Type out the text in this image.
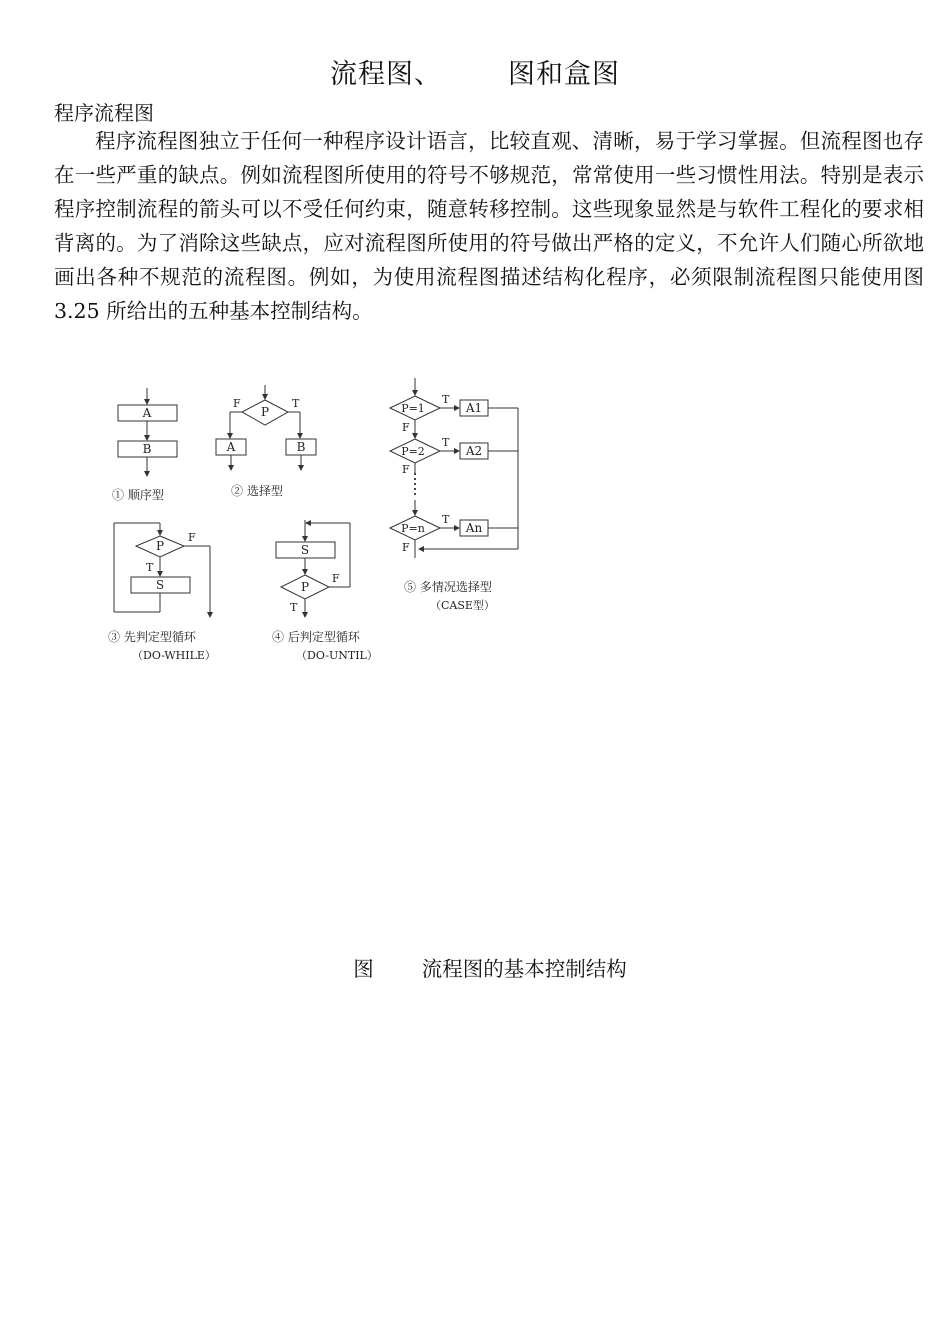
流程图、 图和盒图
程序流程图
程序流程图独立于任何一种程序设计语言，比较直观、清晰，易于学习掌握。但流程图也存在一些严重的缺点。例如流程图所使用的符号不够规范，常常使用一些习惯性用法。特别是表示程序控制流程的箭头可以不受任何约束，随意转移控制。这些现象显然是与软件工程化的要求相背离的。为了消除这些缺点，应对流程图所使用的符号做出严格的定义，不允许人们随心所欲地画出各种不规范的流程图。例如，为使用流程图描述结构化程序，必须限制流程图只能使用图 3.25 所给出的五种基本控制结构。
A
B
P
A	B
P
S
S
P
P=1
P=2
P=n
A1
A2
An
F	T
F
T
F
T
T
T
T
F
F
F
① 顺序型	② 选择型
③ 先判定型循环	④ 后判定型循环
⑤ 多情况选择型
（DO-WHILE）	（DO-UNTIL）
（CASE型）
图 流程图的基本控制结构
